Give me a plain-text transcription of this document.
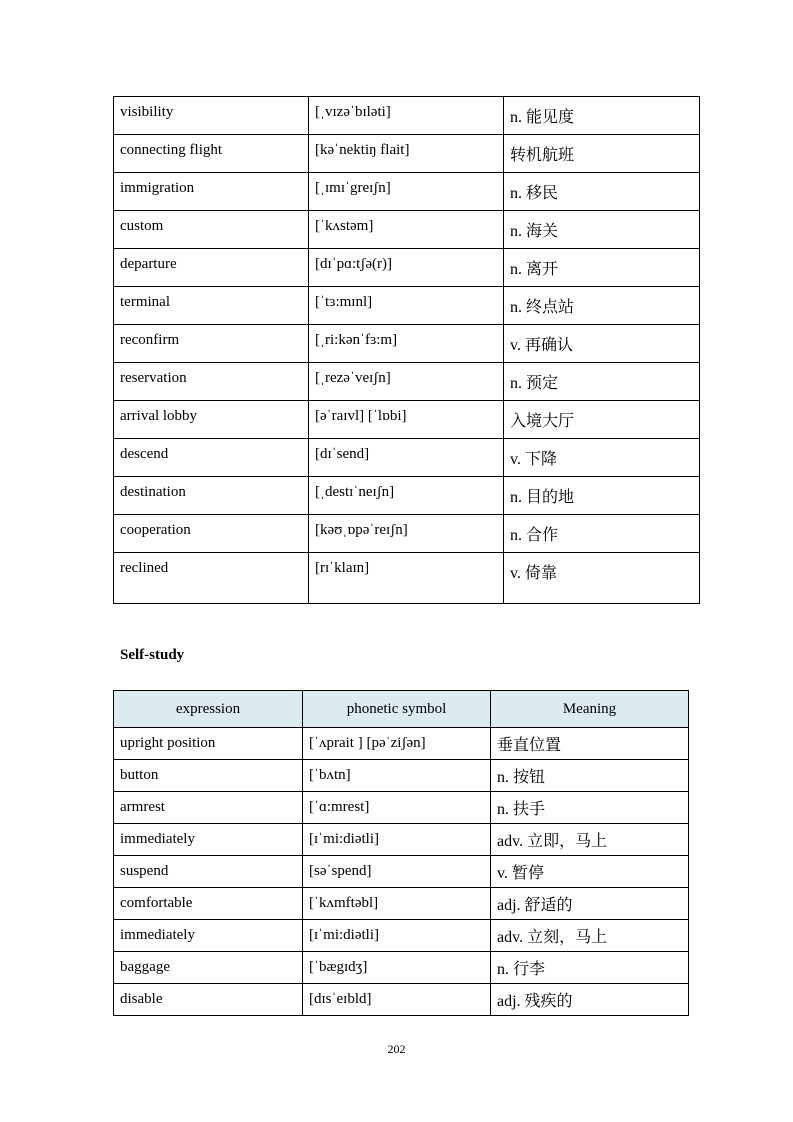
visibility	[ˌvɪzəˈbɪləti]	n. 能见度
connecting flight	[kəˈnektiŋ flait]	转机航班
immigration	[ˌɪmɪˈgreɪʃn]	n. 移民
custom	[ˈkʌstəm]	n. 海关
departure	[dɪˈpɑ:tʃə(r)]	n. 离开
terminal	[ˈtɜ:mɪnl]	n. 终点站
reconfirm	[ˌri:kənˈfɜ:m]	v. 再确认
reservation	[ˌrezəˈveɪʃn]	n. 预定
arrival lobby	[əˈraɪvl] [ˈlɒbi]	入境大厅
descend	[dɪˈsend]	v. 下降
destination	[ˌdestɪˈneɪʃn]	n. 目的地
cooperation	[kəʊˌɒpəˈreɪʃn]	n. 合作
reclined	[rɪˈklaɪn]	v. 倚靠
Self-study
expression	phonetic symbol	Meaning
upright position	[ˈʌprait ] [pəˈziʃən]	垂直位置
button	[ˈbʌtn]	n. 按钮
armrest	[ˈɑ:mrest]	n. 扶手
immediately	[ɪˈmi:diətli]	adv. 立即，马上
suspend	[səˈspend]	v. 暂停
comfortable	[ˈkʌmftəbl]	adj. 舒适的
immediately	[ɪˈmi:diətli]	adv. 立刻，马上
baggage	[ˈbægɪdʒ]	n. 行李
disable	[dɪsˈeɪbld]	adj. 残疾的
202
